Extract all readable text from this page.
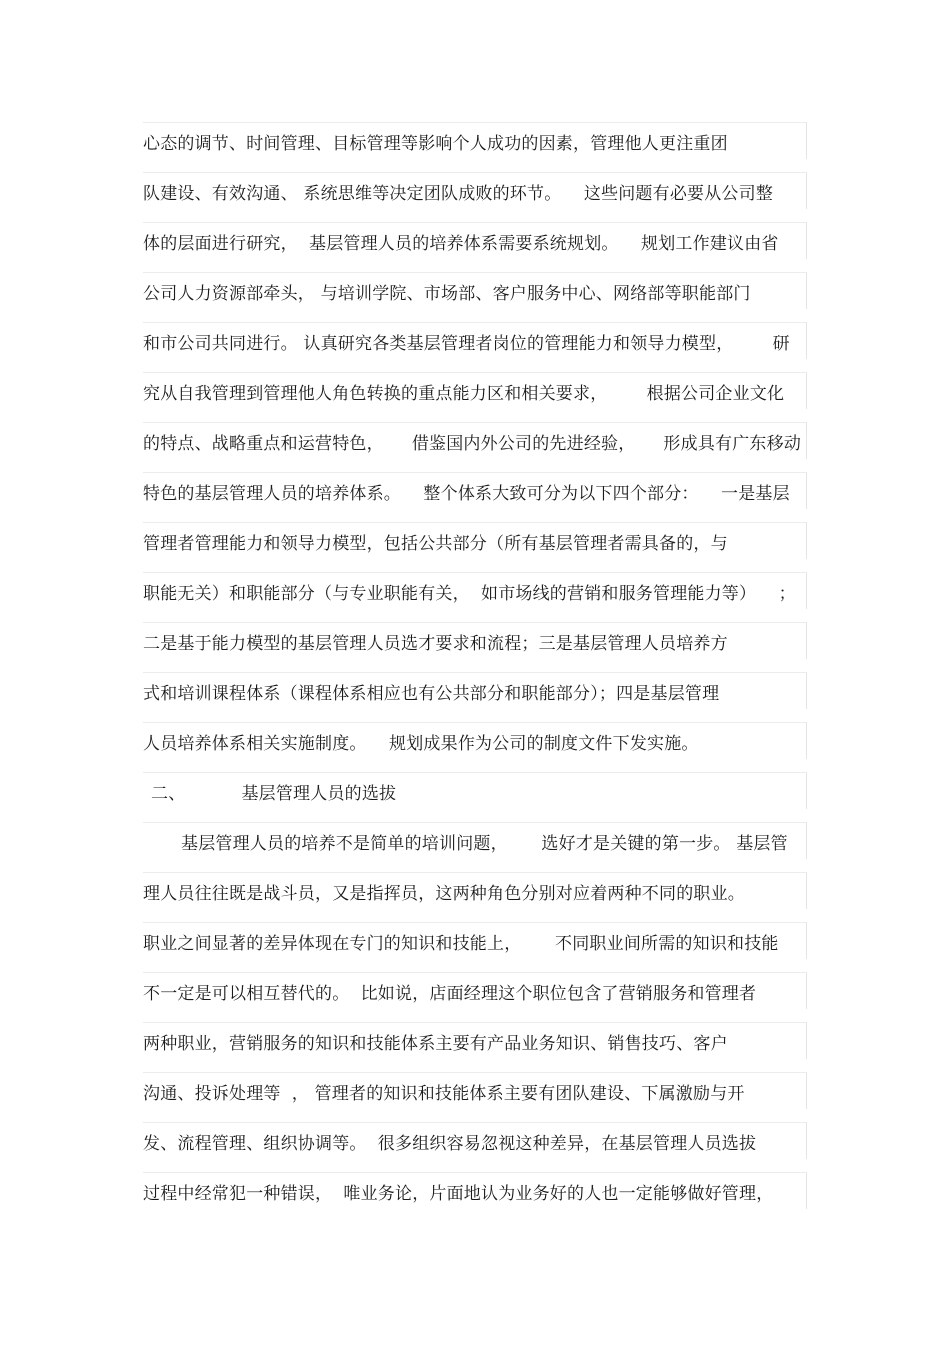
心态的调节、时间管理、目标管理等影响个人成功的因素，管理他人更注重团
队建设、有效沟通、 系统思维等决定团队成败的环节。    这些问题有必要从公司整
体的层面进行研究，  基层管理人员的培养体系需要系统规划。    规划工作建议由省
公司人力资源部牵头， 与培训学院、市场部、客户服务中心、网络部等职能部门
和市公司共同进行。 认真研究各类基层管理者岗位的管理能力和领导力模型，       研
究从自我管理到管理他人角色转换的重点能力区和相关要求，       根据公司企业文化
的特点、战略重点和运营特色，     借鉴国内外公司的先进经验，     形成具有广东移动
特色的基层管理人员的培养体系。    整个体系大致可分为以下四个部分：    一是基层
管理者管理能力和领导力模型，包括公共部分（所有基层管理者需具备的，与
职能无关）和职能部分（与专业职能有关，  如市场线的营销和服务管理能力等）    ；
二是基于能力模型的基层管理人员选才要求和流程；三是基层管理人员培养方
式和培训课程体系（课程体系相应也有公共部分和职能部分）；四是基层管理
人员培养体系相关实施制度。    规划成果作为公司的制度文件下发实施。
二、          基层管理人员的选拔
基层管理人员的培养不是简单的培训问题，      选好才是关键的第一步。 基层管
理人员往往既是战斗员，又是指挥员，这两种角色分别对应着两种不同的职业。
职业之间显著的差异体现在专门的知识和技能上，      不同职业间所需的知识和技能
不一定是可以相互替代的。  比如说，店面经理这个职位包含了营销服务和管理者
两种职业，营销服务的知识和技能体系主要有产品业务知识、销售技巧、客户
沟通、投诉处理等  ， 管理者的知识和技能体系主要有团队建设、下属激励与开
发、流程管理、组织协调等。  很多组织容易忽视这种差异，在基层管理人员选拔
过程中经常犯一种错误，  唯业务论，片面地认为业务好的人也一定能够做好管理，
